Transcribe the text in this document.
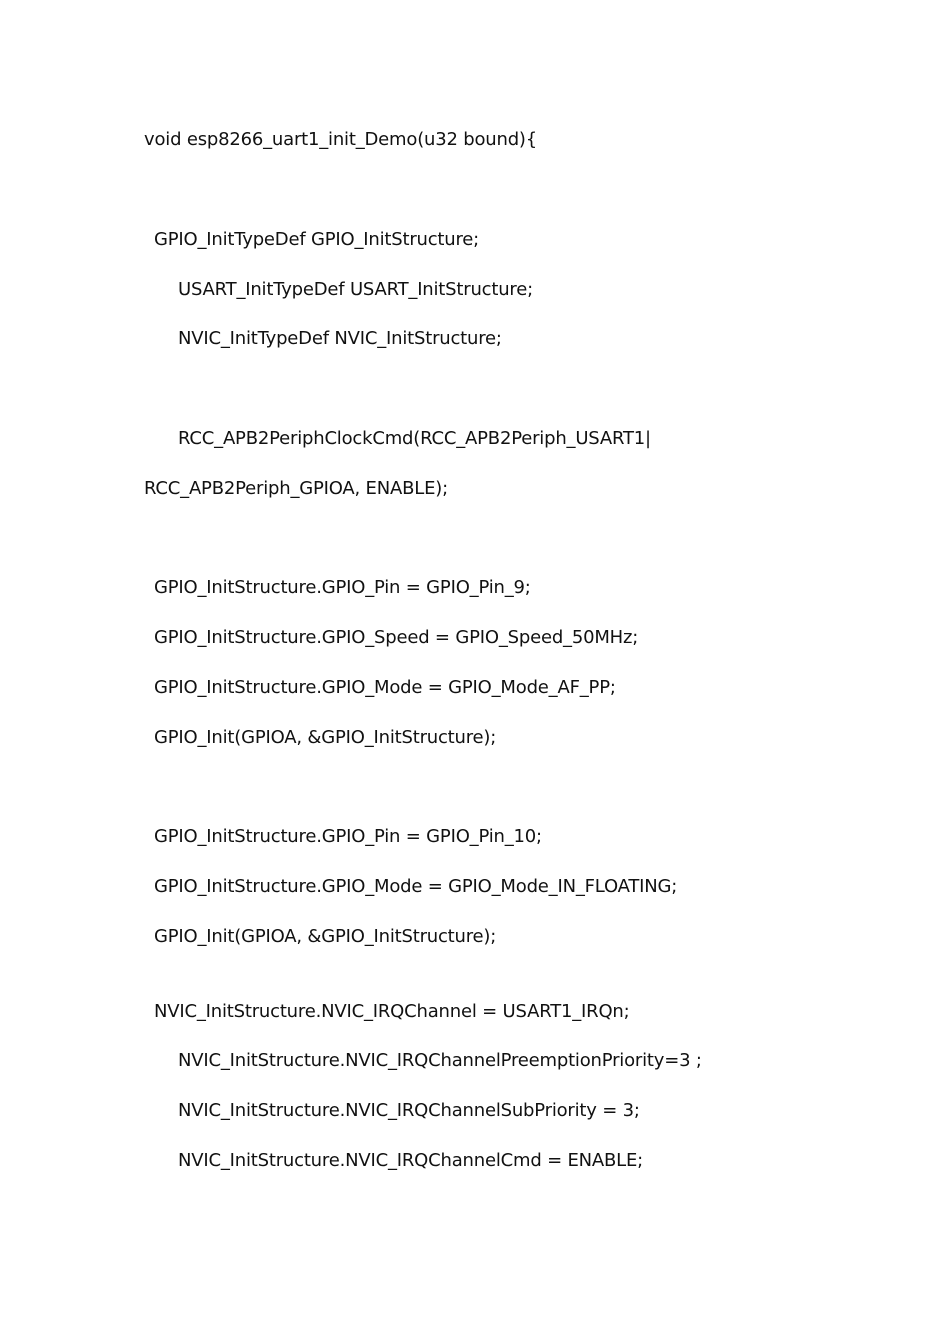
void esp8266_uart1_init_Demo(u32 bound){
GPIO_InitTypeDef GPIO_InitStructure;
USART_InitTypeDef USART_InitStructure;
NVIC_InitTypeDef NVIC_InitStructure;
RCC_APB2PeriphClockCmd(RCC_APB2Periph_USART1|
RCC_APB2Periph_GPIOA, ENABLE);
GPIO_InitStructure.GPIO_Pin = GPIO_Pin_9;
GPIO_InitStructure.GPIO_Speed = GPIO_Speed_50MHz;
GPIO_InitStructure.GPIO_Mode = GPIO_Mode_AF_PP;
GPIO_Init(GPIOA, &GPIO_InitStructure);
GPIO_InitStructure.GPIO_Pin = GPIO_Pin_10;
GPIO_InitStructure.GPIO_Mode = GPIO_Mode_IN_FLOATING;
GPIO_Init(GPIOA, &GPIO_InitStructure);
NVIC_InitStructure.NVIC_IRQChannel = USART1_IRQn;
NVIC_InitStructure.NVIC_IRQChannelPreemptionPriority=3 ;
NVIC_InitStructure.NVIC_IRQChannelSubPriority = 3;
NVIC_InitStructure.NVIC_IRQChannelCmd = ENABLE;
